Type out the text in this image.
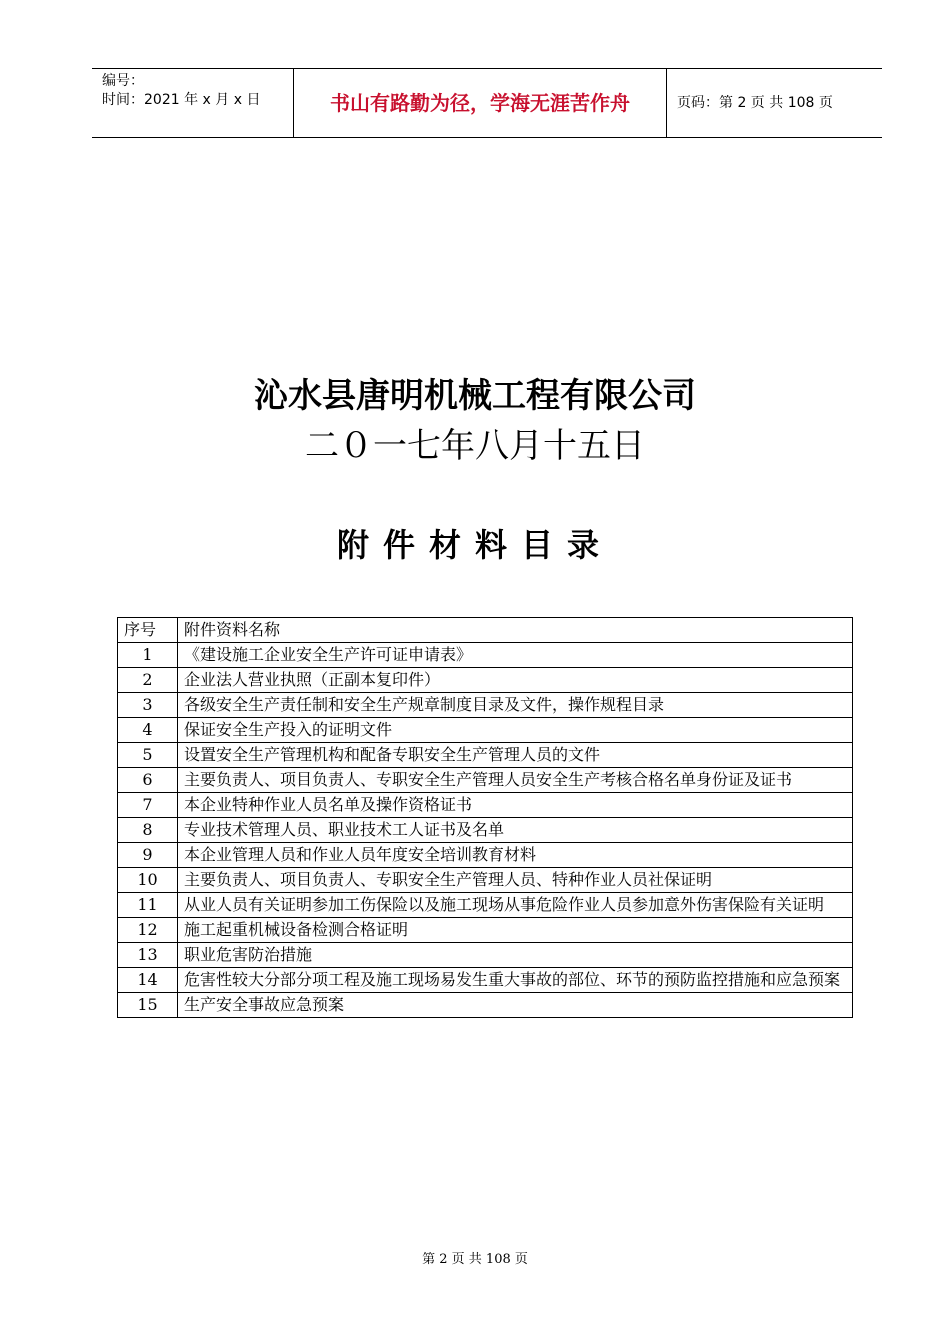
编号：
时间：2021 年 x 月 x 日	书山有路勤为径，学海无涯苦作舟	页码：第 2 页 共 108 页
沁水县唐明机械工程有限公司
二０一七年八月十五日
附件材料目录
序号	附件资料名称
1	《建设施工企业安全生产许可证申请表》
2	企业法人营业执照（正副本复印件）
3	各级安全生产责任制和安全生产规章制度目录及文件，操作规程目录
4	保证安全生产投入的证明文件
5	设置安全生产管理机构和配备专职安全生产管理人员的文件
6	主要负责人、项目负责人、专职安全生产管理人员安全生产考核合格名单身份证及证书
7	本企业特种作业人员名单及操作资格证书
8	专业技术管理人员、职业技术工人证书及名单
9	本企业管理人员和作业人员年度安全培训教育材料
10	主要负责人、项目负责人、专职安全生产管理人员、特种作业人员社保证明
11	从业人员有关证明参加工伤保险以及施工现场从事危险作业人员参加意外伤害保险有关证明
12	施工起重机械设备检测合格证明
13	职业危害防治措施
14	危害性较大分部分项工程及施工现场易发生重大事故的部位、环节的预防监控措施和应急预案
15	生产安全事故应急预案
第 2 页 共 108 页
